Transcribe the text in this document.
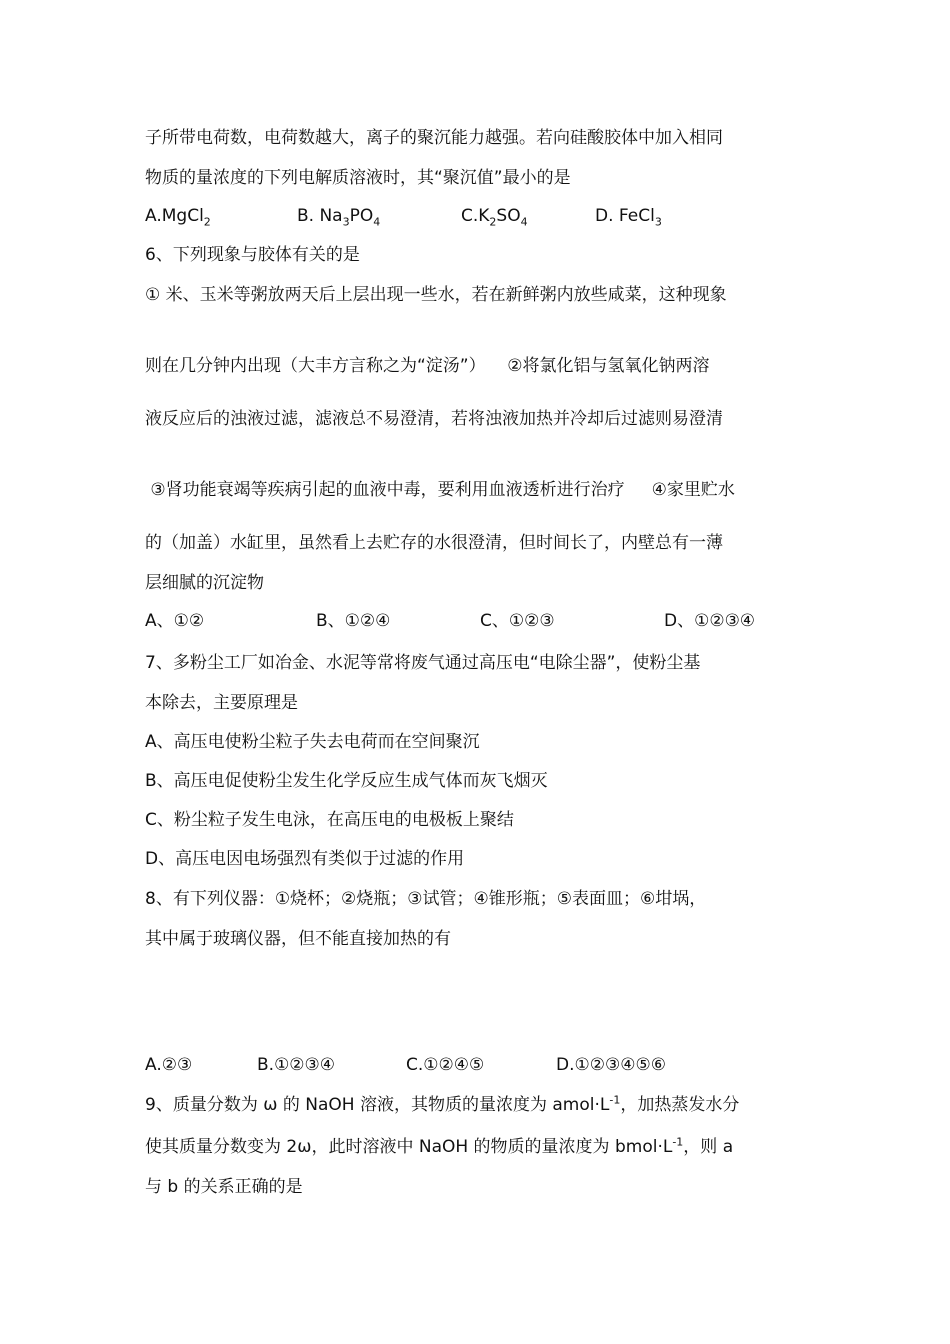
子所带电荷数，电荷数越大，离子的聚沉能力越强。若向硅酸胶体中加入相同
物质的量浓度的下列电解质溶液时，其“聚沉值”最小的是
A.MgCl$_2$	B. $Na_3PO_4$	$C.K_2SO_4$	D. FeCl$_3$
6、下列现象与胶体有关的是
① 米、玉米等粥放两天后上层出现一些水，若在新鲜粥内放些咸菜，这种现象
则在几分钟内出现（大丰方言称之为“淀汤”）    ②将氯化铝与氢氧化钠两溶
液反应后的浊液过滤，滤液总不易澄清，若将浊液加热并冷却后过滤则易澄清
③肾功能衰竭等疾病引起的血液中毒，要利用血液透析进行治疗     ④家里贮水
的（加盖）水缸里，虽然看上去贮存的水很澄清，但时间长了，内壁总有一薄
层细腻的沉淀物
A、①②	B、①②④	C、①②③	D、①②③④
7、多粉尘工厂如冶金、水泥等常将废气通过高压电“电除尘器”，使粉尘基
本除去，主要原理是
A、高压电使粉尘粒子失去电荷而在空间聚沉
B、高压电促使粉尘发生化学反应生成气体而灰飞烟灭
C、粉尘粒子发生电泳，在高压电的电极板上聚结
D、高压电因电场强烈有类似于过滤的作用
8、有下列仪器：①烧杯；②烧瓶；③试管；④锥形瓶；⑤表面皿；⑥坩埚，
其中属于玻璃仪器，但不能直接加热的有
A.②③	B.①②③④	C.①②④⑤	D.①②③④⑤⑥
9、质量分数为 ω 的 NaOH 溶液，其物质的量浓度为 $amol\cdot L^{-1}$，加热蒸发水分
使其质量分数变为 2ω，此时溶液中 NaOH 的物质的量浓度为 $bmol\cdot L^{-1}$，则 a
与 b 的关系正确的是
